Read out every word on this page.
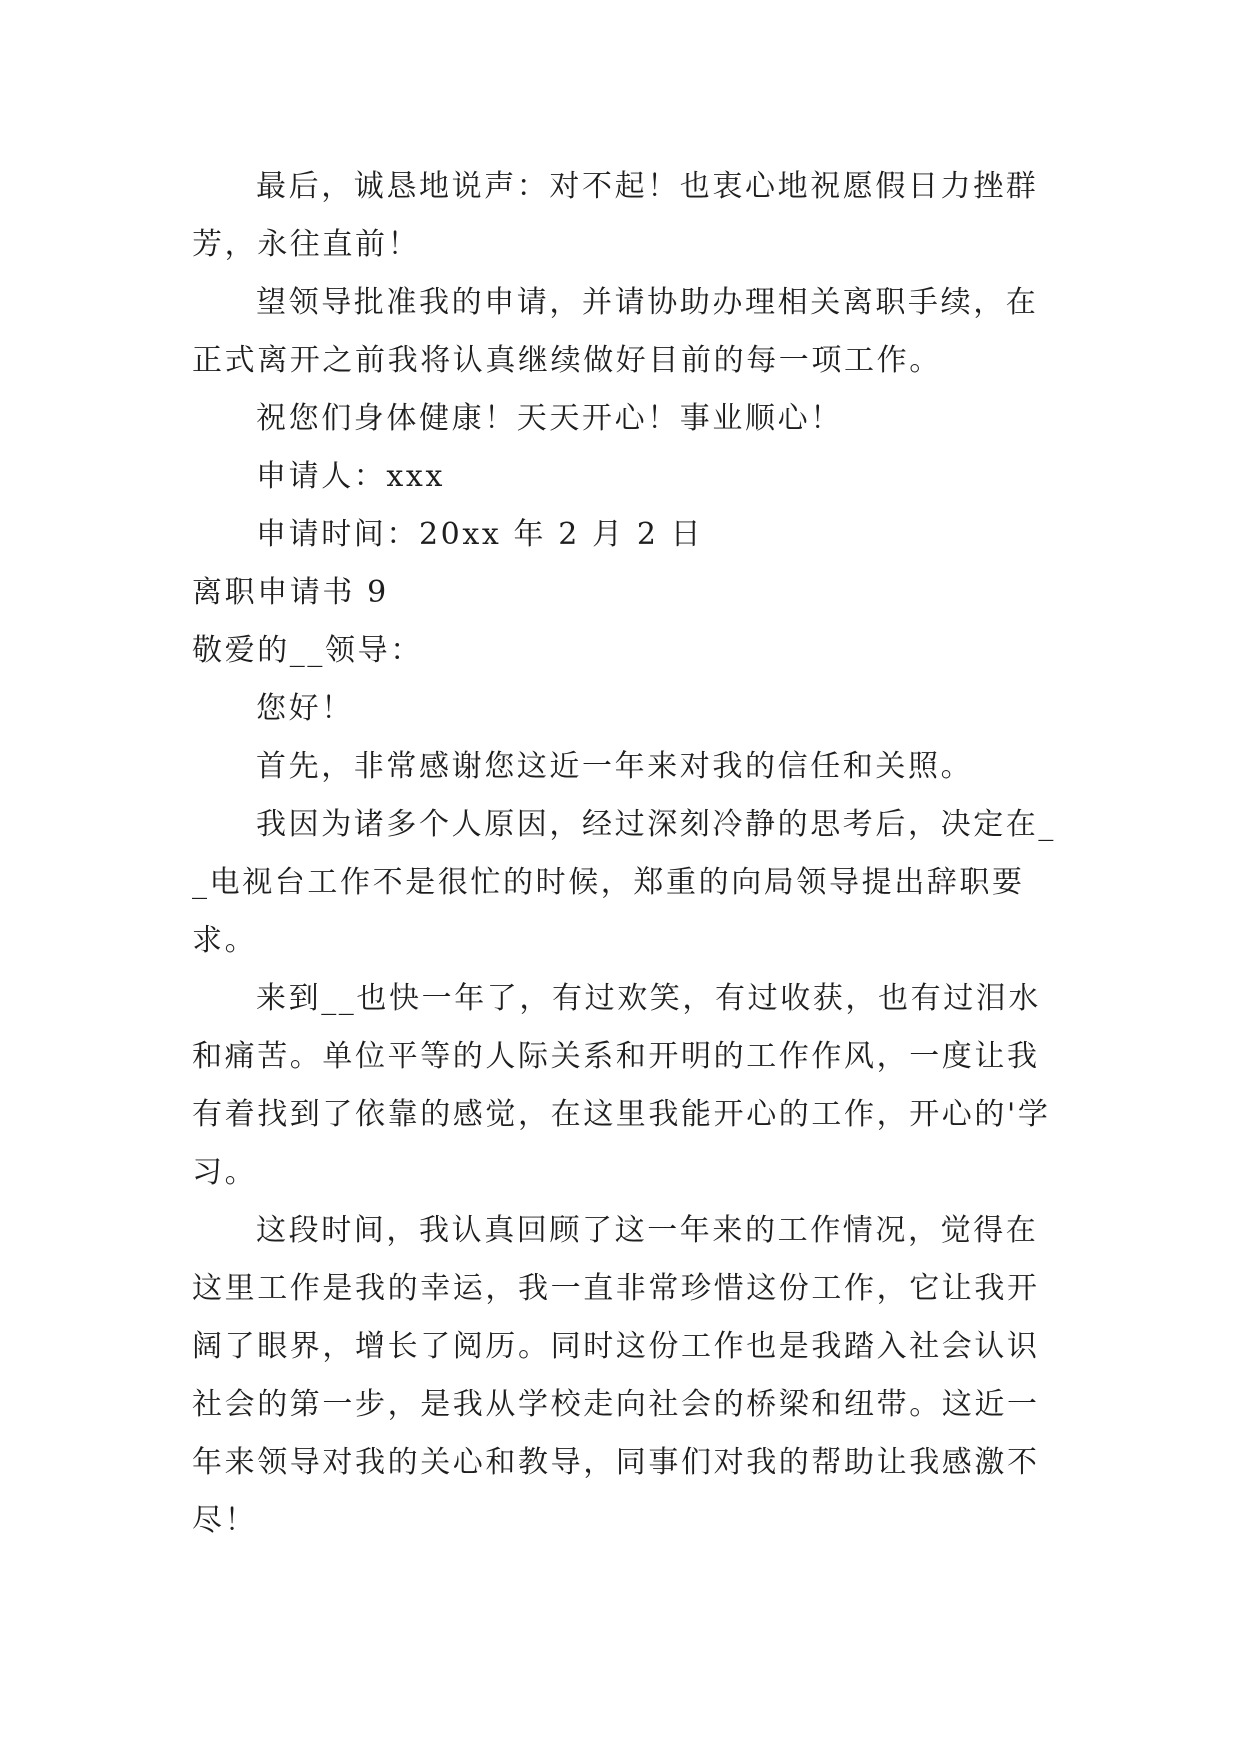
最后，诚恳地说声：对不起！也衷心地祝愿假日力挫群芳，永往直前！

望领导批准我的申请，并请协助办理相关离职手续，在正式离开之前我将认真继续做好目前的每一项工作。

祝您们身体健康！天天开心！事业顺心！

申请人：xxx

申请时间：20xx 年 2 月 2 日

离职申请书 9

敬爱的__领导：

您好！

首先，非常感谢您这近一年来对我的信任和关照。

我因为诸多个人原因，经过深刻冷静的思考后，决定在__电视台工作不是很忙的时候，郑重的向局领导提出辞职要求。

来到__也快一年了，有过欢笑，有过收获，也有过泪水和痛苦。单位平等的人际关系和开明的工作作风，一度让我有着找到了依靠的感觉，在这里我能开心的工作，开心的'学习。

这段时间，我认真回顾了这一年来的工作情况，觉得在这里工作是我的幸运，我一直非常珍惜这份工作，它让我开阔了眼界，增长了阅历。同时这份工作也是我踏入社会认识社会的第一步，是我从学校走向社会的桥梁和纽带。这近一年来领导对我的关心和教导，同事们对我的帮助让我感激不尽！
